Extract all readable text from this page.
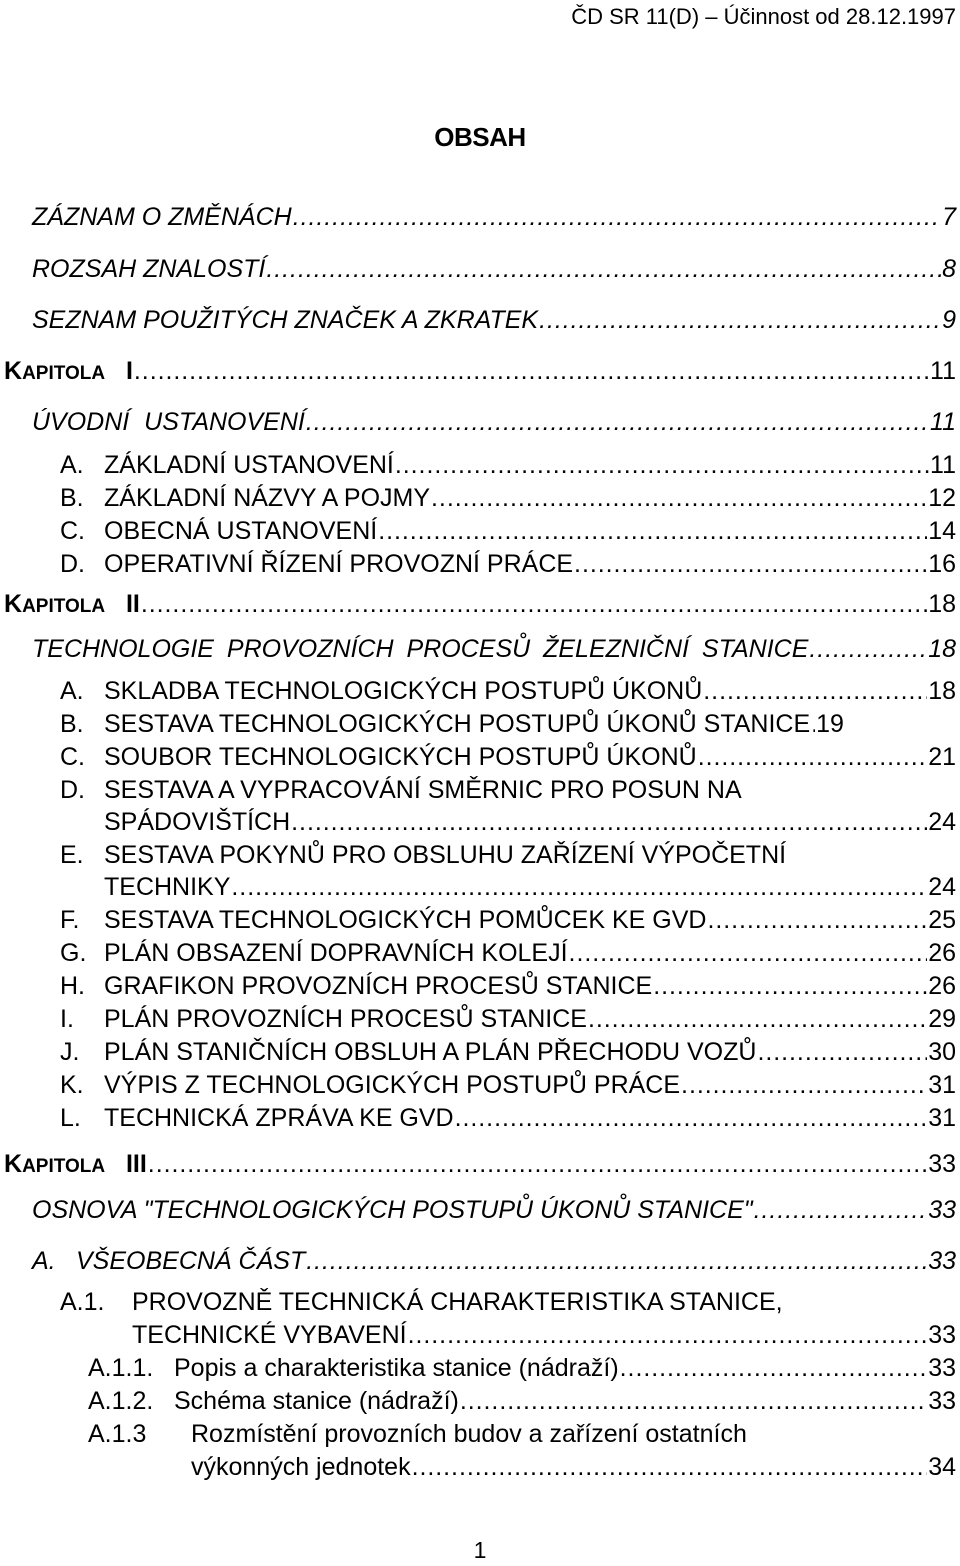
ČD SR 11(D) – Účinnost od 28.12.1997
OBSAH
ZÁZNAM O ZMĚNÁCH . . .	7
ROZSAH ZNALOSTÍ . . .	8
SEZNAM POUŽITÝCH ZNAČEK A ZKRATEK . . .	9
KAPITOLA I . . .	11
ÚVODNÍ USTANOVENÍ . . .	11
A. ZÁKLADNÍ USTANOVENÍ . . .	11
B. ZÁKLADNÍ NÁZVY A POJMY . . .	12
C. OBECNÁ USTANOVENÍ . . .	14
D. OPERATIVNÍ ŘÍZENÍ PROVOZNÍ PRÁCE . . .	16
KAPITOLA II . . .	18
TECHNOLOGIE PROVOZNÍCH PROCESŮ ŽELEZNIČNÍ STANICE . . .	18
A. SKLADBA TECHNOLOGICKÝCH POSTUPŮ ÚKONŮ . . .	18
B. SESTAVA TECHNOLOGICKÝCH POSTUPŮ ÚKONŮ STANICE . . . 19
C. SOUBOR TECHNOLOGICKÝCH POSTUPŮ ÚKONŮ . . .	21
D. SESTAVA A VYPRACOVÁNÍ SMĚRNIC PRO POSUN NA
SPÁDOVIŠTÍCH . . .	24
E. SESTAVA POKYNŮ PRO OBSLUHU ZAŘÍZENÍ VÝPOČETNÍ
TECHNIKY . . .	24
F. SESTAVA TECHNOLOGICKÝCH POMŮCEK KE GVD . . .	25
G. PLÁN OBSAZENÍ DOPRAVNÍCH KOLEJÍ . . .	26
H. GRAFIKON PROVOZNÍCH PROCESŮ STANICE . . .	26
I.	PLÁN PROVOZNÍCH PROCESŮ STANICE . . .	29
J. PLÁN STANIČNÍCH OBSLUH A PLÁN PŘECHODU VOZŮ . . .	30
K. VÝPIS Z TECHNOLOGICKÝCH POSTUPŮ PRÁCE . . .	31
L. TECHNICKÁ ZPRÁVA KE GVD . . .	31
KAPITOLA III . . .	33
OSNOVA "TECHNOLOGICKÝCH POSTUPŮ ÚKONŮ STANICE" . . .	33
A. VŠEOBECNÁ ČÁST . . .	33
A.1. PROVOZNĚ TECHNICKÁ CHARAKTERISTIKA STANICE,
TECHNICKÉ VYBAVENÍ . . .	33
A.1.1. Popis a charakteristika stanice (nádraží) . . .	33
A.1.2. Schéma stanice (nádraží) . . .	33
A.1.3 Rozmístění provozních budov a zařízení ostatních
výkonných jednotek . . .	34
1
